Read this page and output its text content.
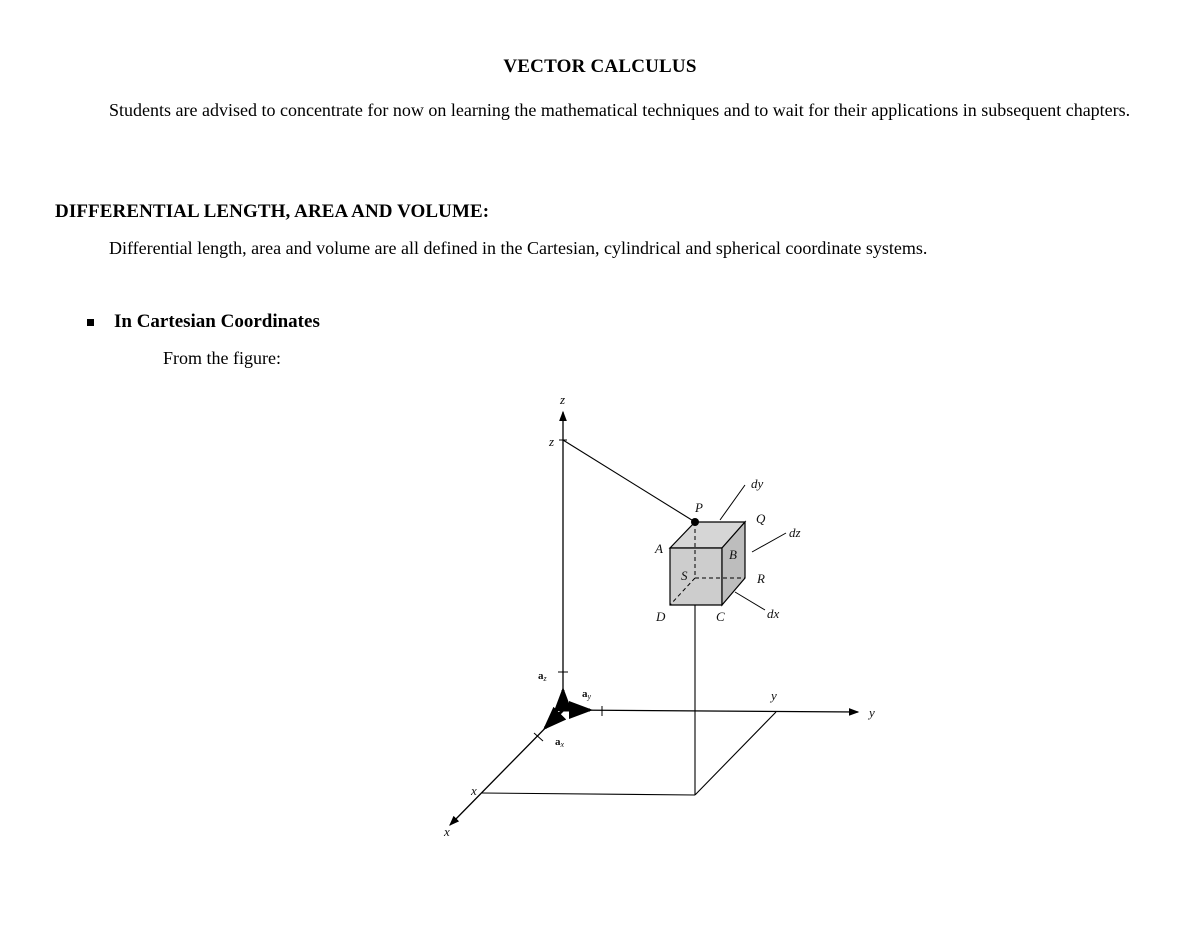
VECTOR CALCULUS

Students are advised to concentrate for now on learning the mathematical techniques and to wait for their applications in subsequent chapters.

DIFFERENTIAL LENGTH, AREA AND VOLUME:

Differential length, area and volume are all defined in the Cartesian, cylindrical and spherical coordinate systems.

In Cartesian Coordinates

From the figure:

z
z
y
y
x
x
az
ay
ax
P
Q
A	B
S	R
D	C
dy
dz
dx
